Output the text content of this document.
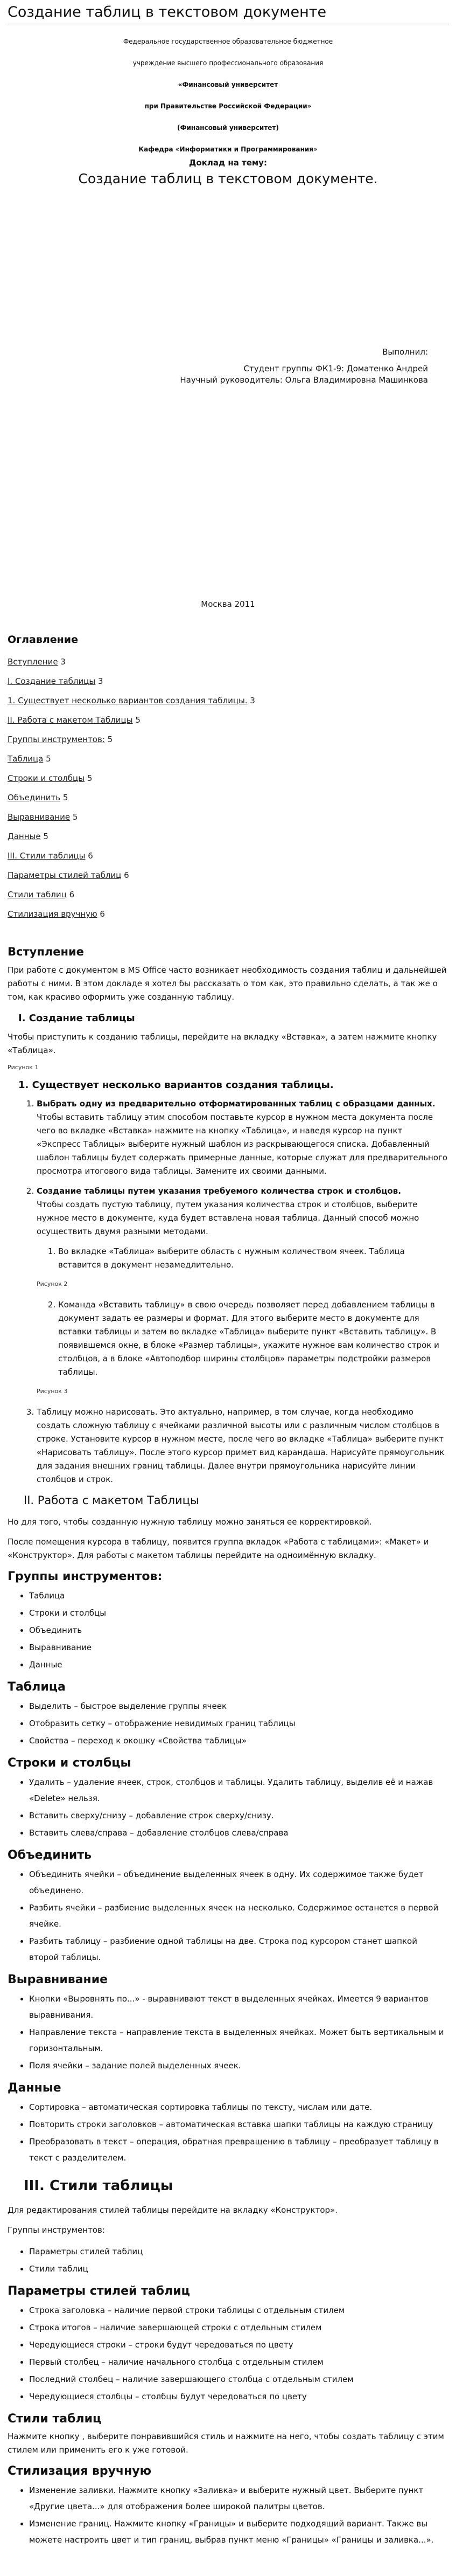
Создание таблиц в текстовом документе

Федеральное государственное образовательное бюджетное

учреждение высшего профессионального образования

«Финансовый университет

при Правительстве Российской Федерации»

(Финансовый университет)

Кафедра «Информатики и Программирования»

Доклад на тему:
Создание таблиц в текстовом документе.

Выполнил:

Студент группы ФК1-9: Доматенко Андрей

Научный руководитель: Ольга Владимировна Машинкова

Москва 2011
Оглавление
Вступление 3
I. Создание таблицы 3
1. Существует несколько вариантов создания таблицы. 3
II. Работа с макетом Таблицы 5
Группы инструментов: 5
Таблица 5
Строки и столбцы 5
Объединить 5
Выравнивание 5
Данные 5
III. Стили таблицы 6
Параметры стилей таблиц 6
Стили таблиц 6
Стилизация вручную 6
Вступление

При работе с документом в MS Office часто возникает необходимость создания таблиц и дальнейшей работы с ними. В этом докладе я хотел бы рассказать о том как, это правильно сделать, а так же о том, как красиво оформить уже созданную таблицу.

I. Создание таблицы

Чтобы приступить к созданию таблицы, перейдите на вкладку «Вставка», а затем нажмите кнопку «Таблица».

Рисунок 1
1. Существует несколько вариантов создания таблицы.
1. Выбрать одну из предварительно отформатированных таблиц с образцами данных.

Чтобы вставить таблицу этим способом поставьте курсор в нужном места документа после чего во вкладке «Вставка» нажмите на кнопку «Таблица», и наведя курсор на пункт «Экспресс Таблицы» выберите нужный шаблон из раскрывающегося списка. Добавленный шаблон таблицы будет содержать примерные данные, которые служат для предварительного просмотра итогового вида таблицы. Замените их своими данными.

2. Создание таблицы путем указания требуемого количества строк и столбцов.

Чтобы создать пустую таблицу, путем указания количества строк и столбцов, выберите нужное место в документе, куда будет вставлена новая таблица. Данный способ можно осуществить двумя разными методами.

1. Во вкладке «Таблица» выберите область с нужным количеством ячеек. Таблица вставится в документ незамедлительно.
Рисунок 2
2. Команда «Вставить таблицу» в свою очередь позволяет перед добавлением таблицы в документ задать ее размеры и формат. Для этого выберите место в документе для вставки таблицы и затем во вкладке «Таблица» выберите пункт «Вставить таблицу». В появившемся окне, в блоке «Размер таблицы», укажите нужное вам количество строк и столбцов, а в блоке «Автоподбор ширины столбцов» параметры подстройки размеров таблицы.
Рисунок 3
3. Таблицу можно нарисовать. Это актуально, например, в том случае, когда необходимо создать сложную таблицу с ячейками различной высоты или с различным числом столбцов в строке. Установите курсор в нужном месте, после чего во вкладке «Таблица» выберите пункт «Нарисовать таблицу». После этого курсор примет вид карандаша. Нарисуйте прямоугольник для задания внешних границ таблицы. Далее внутри прямоугольника нарисуйте линии столбцов и строк.
II. Работа с макетом Таблицы

Но для того, чтобы созданную нужную таблицу можно заняться ее корректировкой.

После помещения курсора в таблицу, появится группа вкладок «Работа с таблицами»: «Макет» и «Конструктор». Для работы с макетом таблицы перейдите на одноимённую вкладку.

Группы инструментов:
• Таблица
• Строки и столбцы
• Объединить
• Выравнивание
• Данные
Таблица
• Выделить – быстрое выделение группы ячеек
• Отобразить сетку – отображение невидимых границ таблицы
• Свойства – переход к окошку «Свойства таблицы»
Строки и столбцы
• Удалить – удаление ячеек, строк, столбцов и таблицы. Удалить таблицу, выделив её и нажав «Delete» нельзя.
• Вставить сверху/снизу – добавление строк сверху/снизу.
• Вставить слева/справа – добавление столбцов слева/справа
Объединить
• Объединить ячейки – объединение выделенных ячеек в одну. Их содержимое также будет объединено.
• Разбить ячейки – разбиение выделенных ячеек на несколько. Содержимое останется в первой ячейке.
• Разбить таблицу – разбиение одной таблицы на две. Строка под курсором станет шапкой второй таблицы.
Выравнивание
• Кнопки «Выровнять по...» - выравнивают текст в выделенных ячейках. Имеется 9 вариантов выравнивания.
• Направление текста – направление текста в выделенных ячейках. Может быть вертикальным и горизонтальным.
• Поля ячейки – задание полей выделенных ячеек.
Данные
• Сортировка – автоматическая сортировка таблицы по тексту, числам или дате.
• Повторить строки заголовков – автоматическая вставка шапки таблицы на каждую страницу
• Преобразовать в текст – операция, обратная превращению в таблицу – преобразует таблицу в текст с разделителем.
III. Стили таблицы

Для редактирования стилей таблицы перейдите на вкладку «Конструктор».

Группы инструментов:

• Параметры стилей таблиц
• Стили таблиц
Параметры стилей таблиц
• Строка заголовка – наличие первой строки таблицы с отдельным стилем
• Строка итогов – наличие завершающей строки с отдельным стилем
• Чередующиеся строки – строки будут чередоваться по цвету
• Первый столбец – наличие начального столбца с отдельным стилем
• Последний столбец – наличие завершающего столбца с отдельным стилем
• Чередующиеся столбцы – столбцы будут чередоваться по цвету
Стили таблиц

Нажмите кнопку , выберите понравившийся стиль и нажмите на него, чтобы создать таблицу с этим стилем или применить его к уже готовой.

Стилизация вручную
• Изменение заливки. Нажмите кнопку «Заливка» и выберите нужный цвет. Выберите пункт «Другие цвета...» для отображения более широкой палитры цветов.
• Изменение границ. Нажмите кнопку «Границы» и выберите подходящий вариант. Также вы можете настроить цвет и тип границ, выбрав пункт меню «Границы» «Границы и заливка...».
